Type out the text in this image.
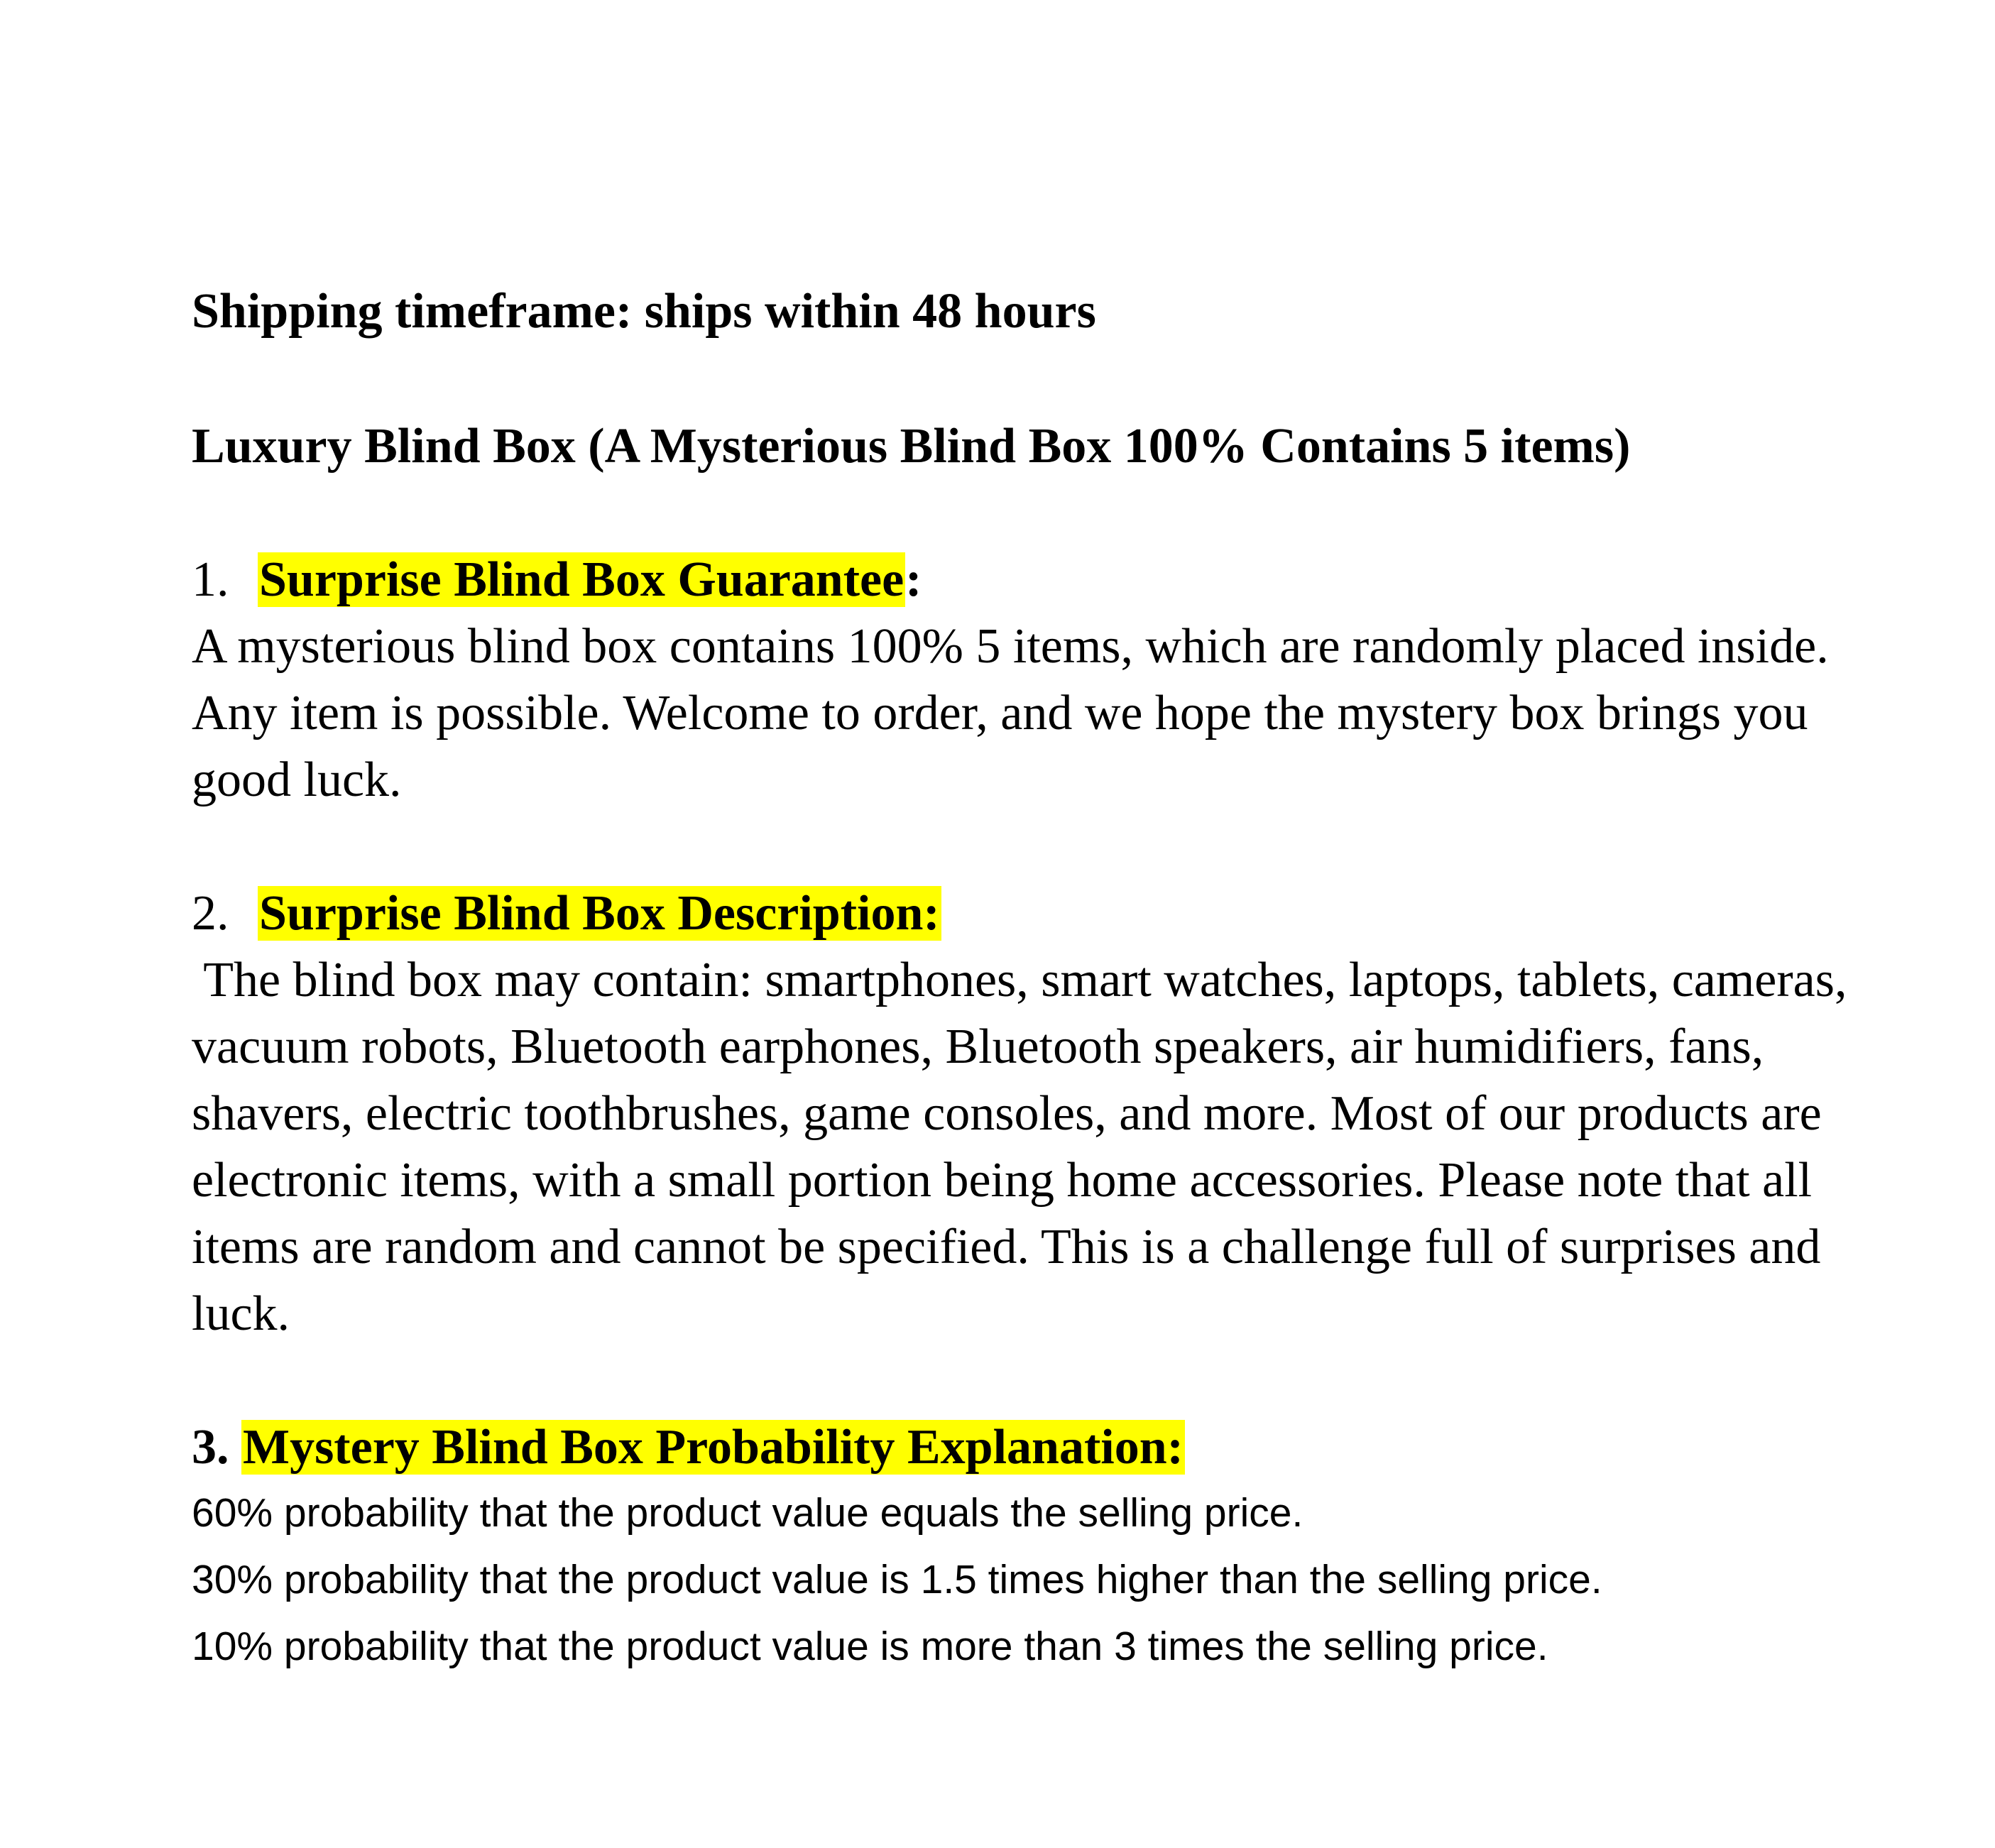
Shipping timeframe: ships within 48 hours

Luxury Blind Box (A Mysterious Blind Box 100% Contains 5 items)

1. Surprise Blind Box Guarantee:

A mysterious blind box contains 100% 5 items, which are randomly placed inside.

Any item is possible. Welcome to order, and we hope the mystery box brings you

good luck.

2. Surprise Blind Box Description:

The blind box may contain: smartphones, smart watches, laptops, tablets, cameras,

vacuum robots, Bluetooth earphones, Bluetooth speakers, air humidifiers, fans,

shavers, electric toothbrushes, game consoles, and more. Most of our products are

electronic items, with a small portion being home accessories. Please note that all

items are random and cannot be specified. This is a challenge full of surprises and

luck.

3. Mystery Blind Box Probability Explanation:

60% probability that the product value equals the selling price.

30% probability that the product value is 1.5 times higher than the selling price.

10% probability that the product value is more than 3 times the selling price.
